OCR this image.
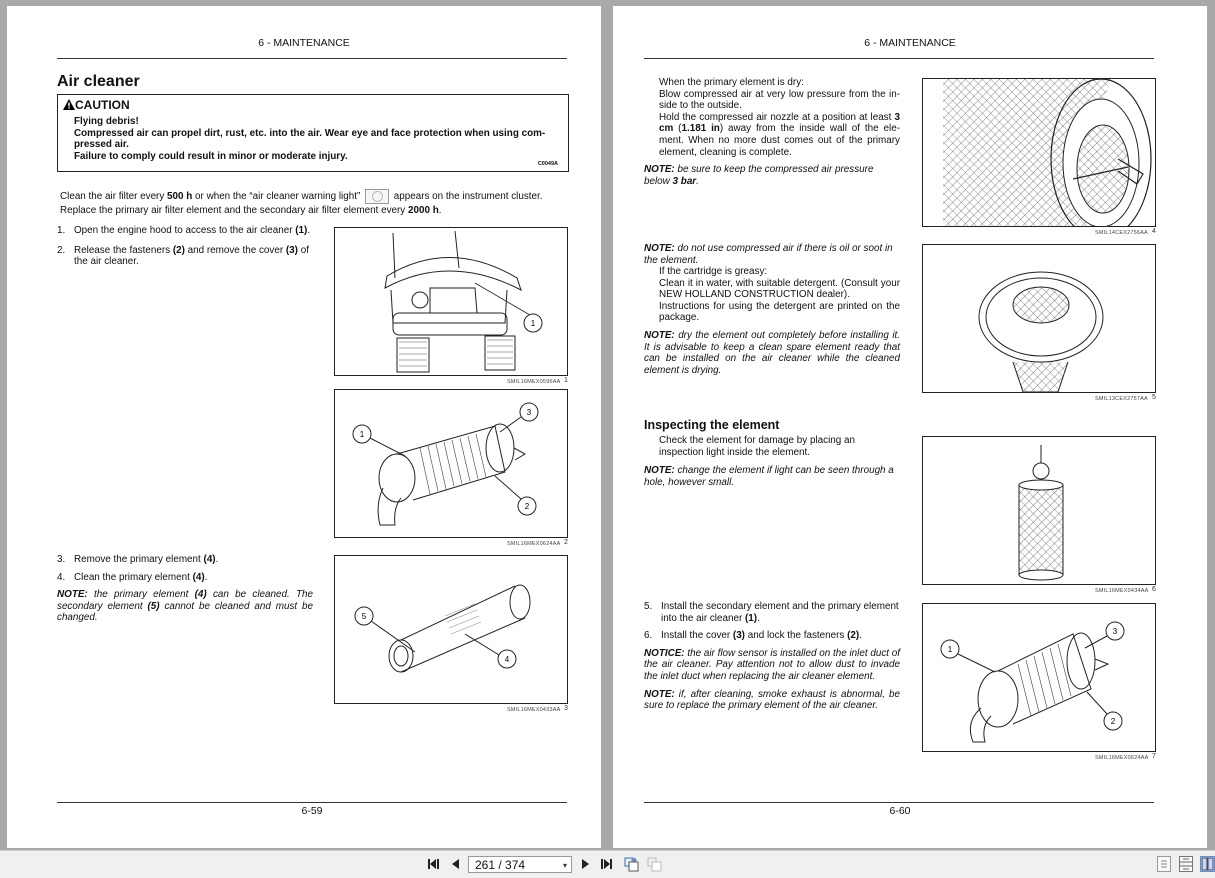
6 - MAINTENANCE
Air cleaner
CAUTION
Flying debris!
Compressed air can propel dirt, rust, etc. into the air. Wear eye and face protection when using com-pressed air.
Failure to comply could result in minor or moderate injury.
C0049A
Clean the air filter every 500 h or when the “air cleaner warning light”	appears on the instrument cluster.
Replace the primary air filter element and the secondary air filter element every 2000 h.
1. Open the engine hood to access to the air cleaner (1).
2. Release the fasteners (2) and remove the cover (3) of the air cleaner.
3. Remove the primary element (4).
4. Clean the primary element (4).
NOTE: the primary element (4) can be cleaned. The secondary element (5) cannot be cleaned and must be changed.
1
SMIL16MEX0596AA 1
1
2
3
SMIL16MEX0624AA 2
5
4
SMIL16MEX0433AA 3
6-59
6 - MAINTENANCE
When the primary element is dry:
Blow compressed air at very low pressure from the in-side to the outside.
Hold the compressed air nozzle at a position at least 3 cm (1.181 in) away from the inside wall of the ele-ment. When no more dust comes out of the primary element, cleaning is complete.
NOTE: be sure to keep the compressed air pressure below 3 bar.
NOTE: do not use compressed air if there is oil or soot in the element.
If the cartridge is greasy:
Clean it in water, with suitable detergent. (Consult your NEW HOLLAND CONSTRUCTION dealer).
Instructions for using the detergent are printed on the package.
NOTE: dry the element out completely before installing it. It is advisable to keep a clean spare element ready that can be installed on the air cleaner while the cleaned element is drying.
Inspecting the element
Check the element for damage by placing an inspection light inside the element.
NOTE: change the element if light can be seen through a hole, however small.
5. Install the secondary element and the primary element into the air cleaner (1).
6. Install the cover (3) and lock the fasteners (2).
NOTICE: the air flow sensor is installed on the inlet duct of the air cleaner. Pay attention not to allow dust to invade the inlet duct when replacing the air cleaner element.
NOTE: if, after cleaning, smoke exhaust is abnormal, be sure to replace the primary element of the air cleaner.
SMIL14CEX2756AA 4
SMIL13CEX2757AA 5
SMIL16MEX0434AA 6
1
2
3
SMIL16MEX0624AA 7
6-60
261 / 374	▾
